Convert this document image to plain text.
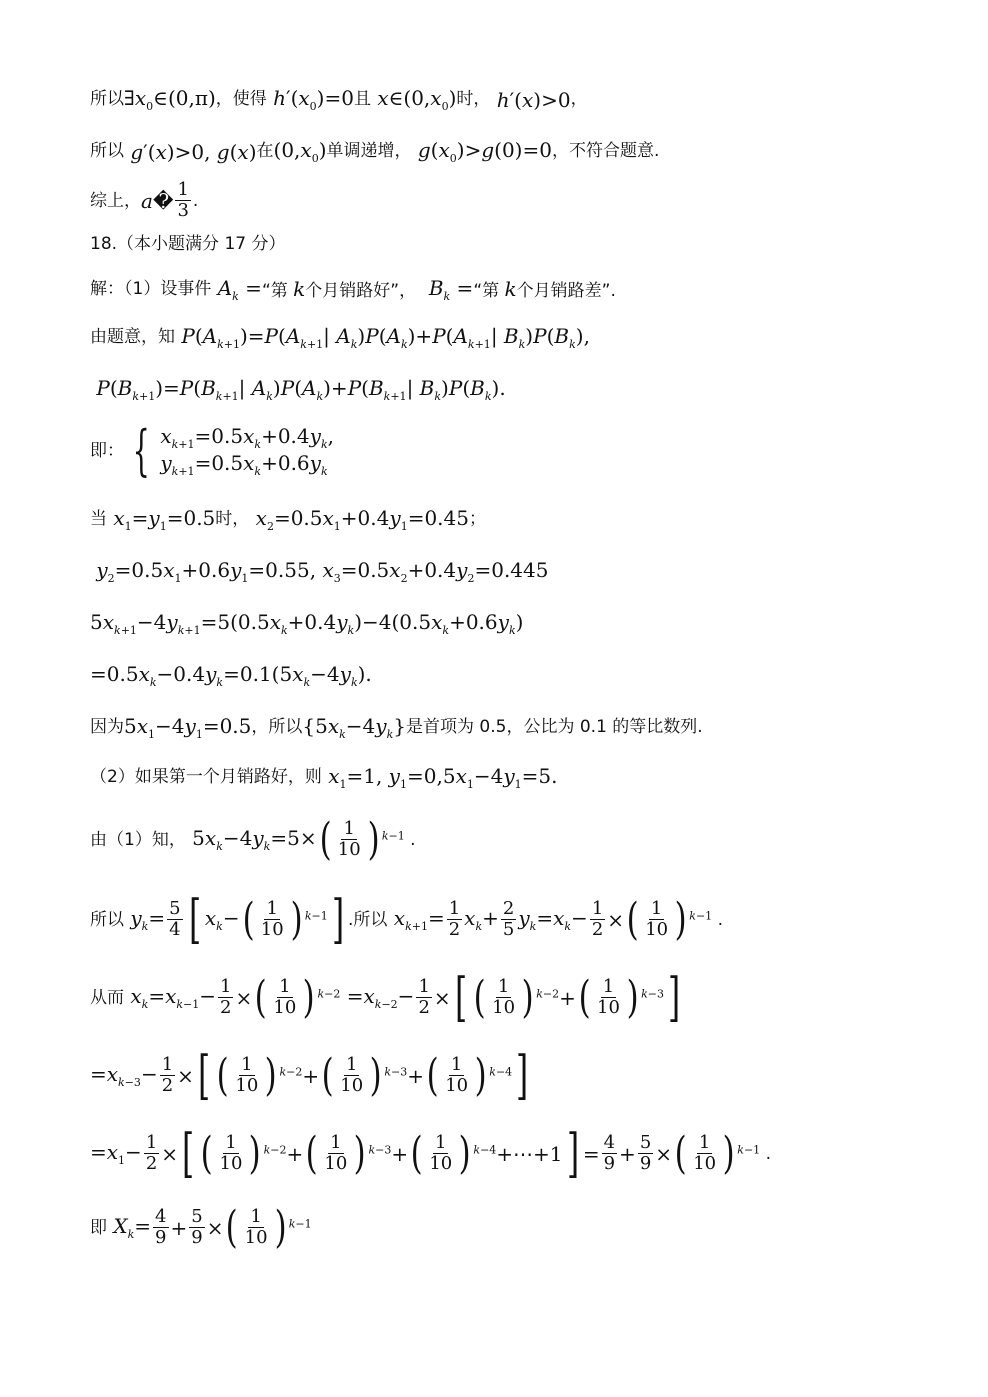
所以 $\exists x_0\in(0,\pi)$ ，使得 $h'(x_0)=0$ 且 $x\in(0,x_0)$ 时， h′(x)>0 ，
所以 g′(x)>0, g(x) 在 $(0,x_0)$ 单调递增， $g(x_0)>g(0)=0$ ，不符合题意.
综上， a� $\frac{1}{3}$ .
18.（本小题满分 17 分）
解：（1）设事件 $A_k$ = “第 k个月销路好”， $B_k$ = “第 k个月销路差”.
由题意，知 $P(A_{k+1})=P(A_{k+1}|$ $A_k)P(A_k)+P(A_{k+1}|$ $B_k)P(B_k)$,
$P(B_{k+1})=P(B_{k+1}|$ $A_k)P(A_k)+P(B_{k+1}|$ $B_k)P(B_k)$.
即： { $x_{k+1}=0.5x_k+0.4y_k$,
$y_{k+1}=0.5x_k+0.6y_k$
当 $x_1=y_1=0.5$ 时， $x_2=0.5x_1+0.4y_1=0.45$ ；
$y_2=0.5x_1+0.6y_1=0.55$, $x_3=0.5x_2+0.4y_2=0.445$
$5x_{k+1}-4y_{k+1}=5(0.5x_k+0.4y_k)-4(0.5x_k+0.6y_k)$
$=0.5x_k-0.4y_k=0.1(5x_k-4y_k)$.
因为 $5x_1-4y_1=0.5$ ，所以 $\{5x_k-4y_k\}$ 是首项为 0.5，公比为 0.1 的等比数列.
（2）如果第一个月销路好，则 $x_1=1$, $y_1=0,5x_1-4y_1=5$.
由（1）知， $5x_k-4y_k=5\times$ ( $\frac{1}{10}$ ) $^{k-1}$ .
所以 $y_k= \frac{5}{4}$ [ $x_k-$ ( $\frac{1}{10}$ ) $^{k-1}$ ] .所以 $x_{k+1}= \frac{1}{2} x_k+ \frac{2}{5} y_k=x_k- \frac{1}{2}$ × ( $\frac{1}{10}$ ) $^{k-1}$ .
从而 $x_k=x_{k-1}- \frac{1}{2}$ × ( $\frac{1}{10}$ ) $^{k-2} =x_{k-2}- \frac{1}{2}$ × [ ( $\frac{1}{10}$ ) $^{k-2}$ + ( $\frac{1}{10}$ ) $^{k-3}$ ]
$=x_{k-3}- \frac{1}{2}$ × [ ( $\frac{1}{10}$ ) $^{k-2}$ + ( $\frac{1}{10}$ ) $^{k-3}$ + ( $\frac{1}{10}$ ) $^{k-4}$ ]
$=x_1- \frac{1}{2}$ × [ ( $\frac{1}{10}$ ) $^{k-2}$ + ( $\frac{1}{10}$ ) $^{k-3}$ + ( $\frac{1}{10}$ ) $^{k-4}$ +⋯+1 ] = $\frac{4}{9} + \frac{5}{9}$ × ( $\frac{1}{10}$ ) $^{k-1}$ .
即 $X_k= \frac{4}{9} + \frac{5}{9}$ × ( $\frac{1}{10}$ ) $^{k-1}$
